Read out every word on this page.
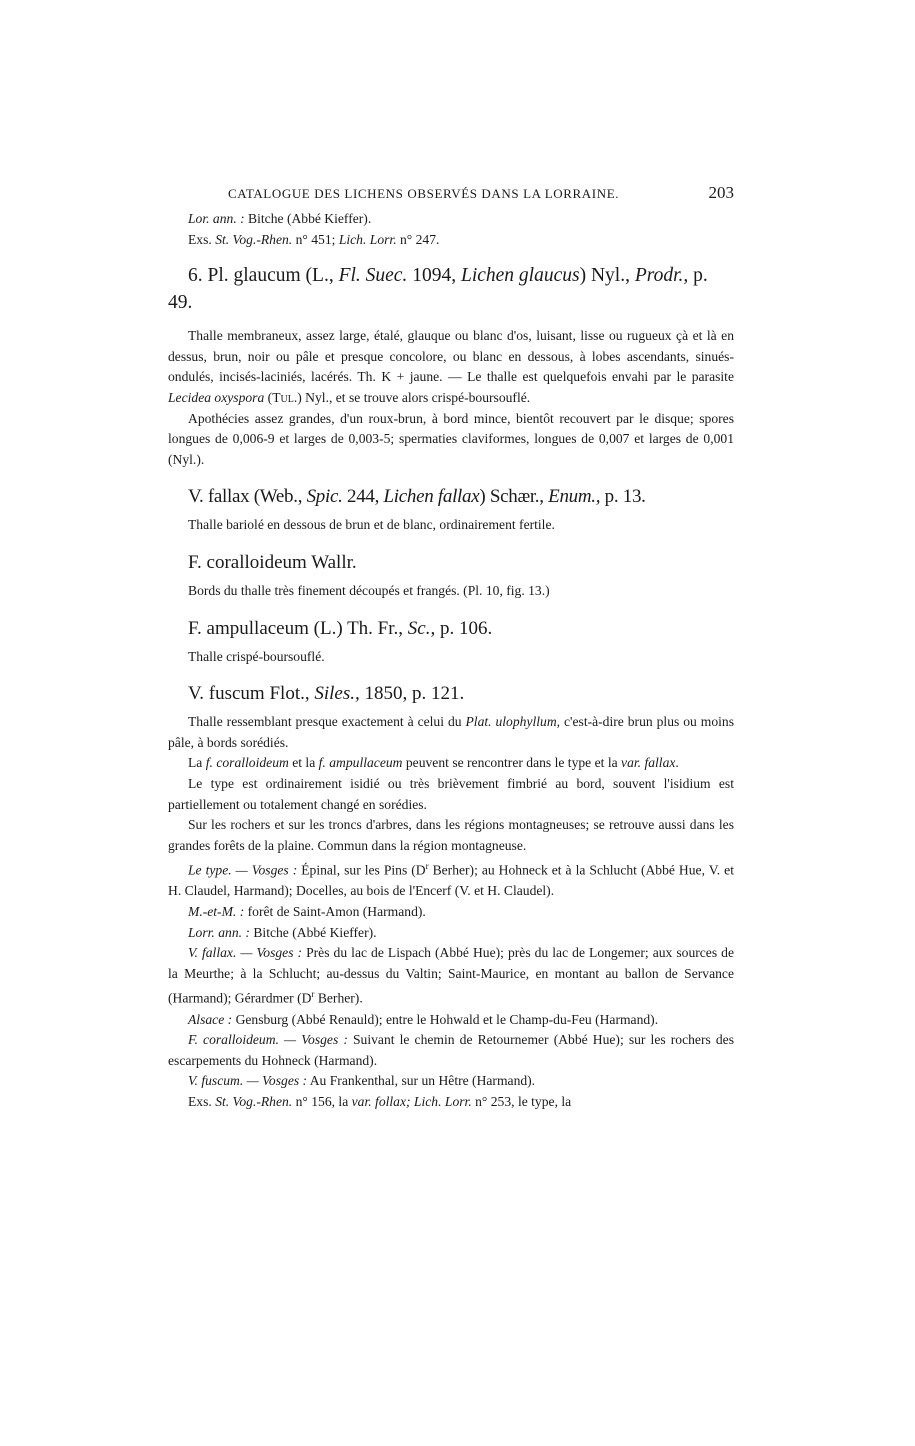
CATALOGUE DES LICHENS OBSERVÉS DANS LA LORRAINE.	203

Lor. ann. : Bitche (Abbé Kieffer).

Exs. St. Vog.-Rhen. n° 451; Lich. Lorr. n° 247.

6. Pl. glaucum (L., Fl. Suec. 1094, Lichen glaucus) Nyl., Prodr., p. 49.

Thalle membraneux, assez large, étalé, glauque ou blanc d'os, luisant, lisse ou rugueux çà et là en dessus, brun, noir ou pâle et presque concolore, ou blanc en dessous, à lobes ascendants, sinués-ondulés, incisés-laciniés, lacérés. Th. K + jaune. — Le thalle est quelquefois envahi par le parasite Lecidea oxyspora (Tul.) Nyl., et se trouve alors crispé-boursouflé.

Apothécies assez grandes, d'un roux-brun, à bord mince, bientôt recouvert par le disque; spores longues de 0,006-9 et larges de 0,003-5; spermaties claviformes, longues de 0,007 et larges de 0,001 (Nyl.).

V. fallax (Web., Spic. 244, Lichen fallax) Schær., Enum., p. 13.

Thalle bariolé en dessous de brun et de blanc, ordinairement fertile.

F. coralloideum Wallr.

Bords du thalle très finement découpés et frangés. (Pl. 10, fig. 13.)

F. ampullaceum (L.) Th. Fr., Sc., p. 106.

Thalle crispé-boursouflé.

V. fuscum Flot., Siles., 1850, p. 121.

Thalle ressemblant presque exactement à celui du Plat. ulophyllum, c'est-à-dire brun plus ou moins pâle, à bords sorédiés.

La f. coralloideum et la f. ampullaceum peuvent se rencontrer dans le type et la var. fallax.

Le type est ordinairement isidié ou très brièvement fimbrié au bord, souvent l'isidium est partiellement ou totalement changé en sorédies.

Sur les rochers et sur les troncs d'arbres, dans les régions montagneuses; se retrouve aussi dans les grandes forêts de la plaine. Commun dans la région montagneuse.

Le type. — Vosges : Épinal, sur les Pins ($D^r$ Berher); au Hohneck et à la Schlucht (Abbé Hue, V. et H. Claudel, Harmand); Docelles, au bois de l'Encerf (V. et H. Claudel).

M.-et-M. : forêt de Saint-Amon (Harmand).

Lorr. ann. : Bitche (Abbé Kieffer).

V. fallax. — Vosges : Près du lac de Lispach (Abbé Hue); près du lac de Longemer; aux sources de la Meurthe; à la Schlucht; au-dessus du Valtin; Saint-Maurice, en montant au ballon de Servance (Harmand); Gérardmer ($D^r$ Berher).

Alsace : Gensburg (Abbé Renauld); entre le Hohwald et le Champ-du-Feu (Harmand).

F. coralloideum. — Vosges : Suivant le chemin de Retournemer (Abbé Hue); sur les rochers des escarpements du Hohneck (Harmand).

V. fuscum. — Vosges : Au Frankenthal, sur un Hêtre (Harmand).

Exs. St. Vog.-Rhen. n° 156, la var. follax; Lich. Lorr. n° 253, le type, la
